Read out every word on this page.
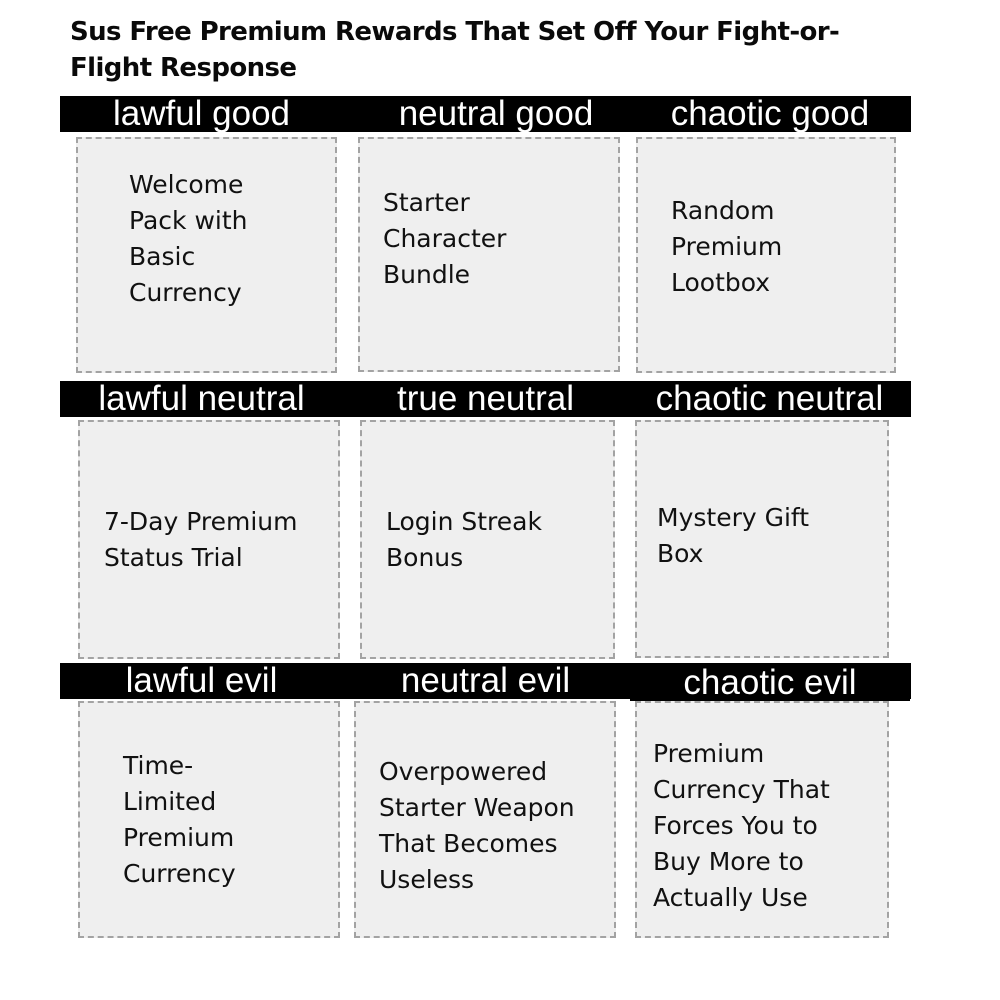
Sus Free Premium Rewards That Set Off Your Fight-or-Flight Response
lawful good

Welcome
Pack with
Basic
Currency

neutral good

Starter
Character
Bundle

chaotic good

Random
Premium
Lootbox

lawful neutral

7-Day Premium
Status Trial

true neutral

Login Streak
Bonus

chaotic neutral

Mystery Gift
Box

lawful evil

Time-
Limited
Premium
Currency

neutral evil

Overpowered
Starter Weapon
That Becomes
Useless

chaotic evil

Premium
Currency That
Forces You to
Buy More to
Actually Use
